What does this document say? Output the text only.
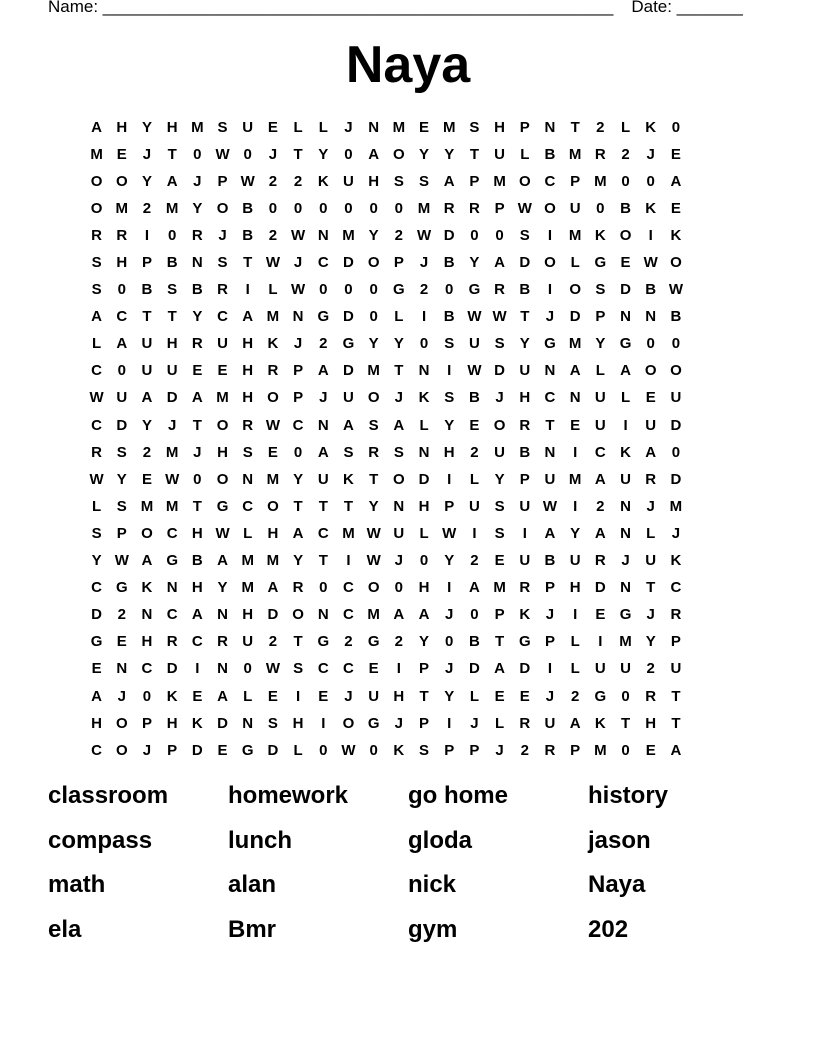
Name: ______________________________________________________ Date: _______
Naya
A H Y H M S U E	L	L	J	N M E M S H P N	T	2	L	K	0
M E	J	T	0 W 0	J	T	Y	0	A O Y	Y	T	U	L	B M R	2	J	E
O O Y A	J	P W 2	2	K U H S	S A P M O C P M 0	0	A
O M 2 M Y O B	0	0	0	0	0	0 M R R P W O U	0	B K E
R R	I	0	R	J	B	2 W N M Y	2 W D	0	0	S	I	M K O	I	K
S H P B N S	T W J	C D O P	J	B Y A D O L G E W O
S	0	B S B R	I	L W 0	0	0	G	2	0	G R B	I	O S D B W
A C	T	T	Y C A M N G D	0	L	I	B W W T	J	D P N N B
L	A U H R U H K	J	2	G Y	Y	0	S U S	Y G M Y G	0	0
C	0	U U E	E H R P A D M T	N	I	W D U N A	L	A O O
W U A D A M H O P	J	U O	J	K S B	J	H C N U	L	E U
C D Y	J	T O R W C N A S A	L	Y	E O R	T	E U	I	U D
R S	2 M J	H S	E	0	A S R S N H	2	U B N	I	C K A	0
W Y	E W 0	O N M Y U K	T O D	I	L	Y	P U M A U R D
L	S M M T G C O T	T	T	Y N H P U S U W	I	2	N	J M
S	P O C H W L	H A C M W U	L W	I	S	I	A Y A N	L	J
Y W A G B A M M Y	T	I	W J	0	Y	2	E U B U R	J	U K
C G K N H Y M A R	0	C O	0	H	I	A M R P H D N	T	C
D	2	N C A N H D O N C M A A	J	0	P K	J	I	E G	J	R
G E H R C R U	2	T G	2	G	2	Y	0	B	T G P	L	I	M Y	P
E N C D	I	N	0 W S C C E	I	P	J	D A D	I	L	U U	2	U
A	J	0	K E A	L	E	I	E	J	U H	T	Y	L	E	E	J	2	G	0	R	T
H O P H K D N S H	I	O G	J	P	I	J	L	R U A K	T	H	T
C O	J	P D E G D	L	0 W 0	K S	P	P	J	2	R P M 0	E A
classroom	homework	go home	history
compass	lunch	gloda	jason
math	alan	nick	Naya
ela	Bmr	gym	202
